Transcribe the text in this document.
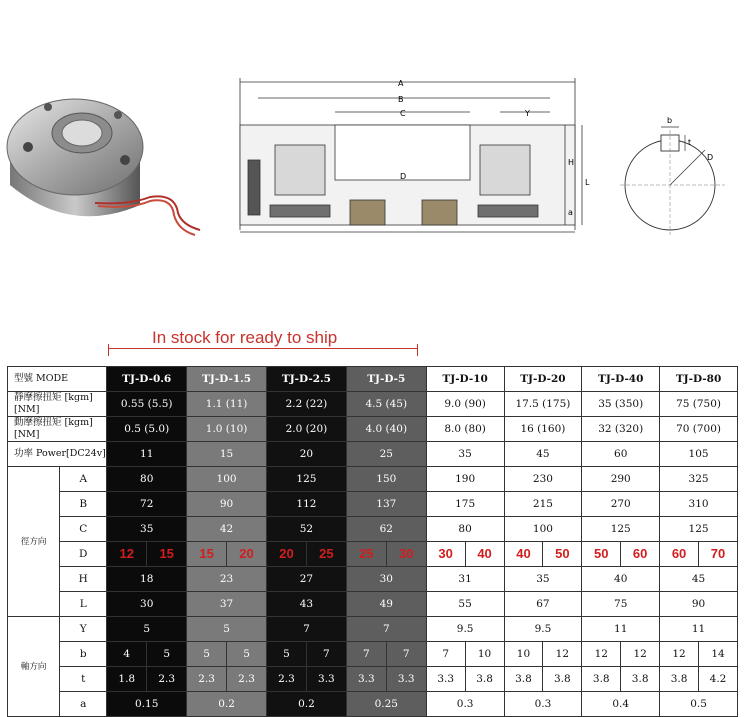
A
B
C
D
Y
H
L
a
b
t
D
In stock for ready to ship
型號 MODE		TJ-D-0.6		TJ-D-1.5		TJ-D-2.5		TJ-D-5		TJ-D-10		TJ-D-20		TJ-D-40		TJ-D-80	
靜摩擦扭矩 [kgm] [NM]		0.55 (5.5)		1.1 (11)		2.2 (22)		4.5 (45)		9.0 (90)		17.5 (175)		35 (350)		75 (750)	
動摩擦扭矩 [kgm] [NM]		0.5 (5.0)		1.0 (10)		2.0 (20)		4.0 (40)		8.0 (80)		16 (160)		32 (320)		70 (700)	
功率 Power[DC24v]		11		15		20		25		35		45		60		105	
徑方向	A	80		100		125		150		190		230		290		325	
	B	72		90		112		137		175		215		270		310	
	C	35		42		52		62		80		100		125		125	
	D	12	15	15	20	20	25	25	30	30	40	40	50	50	60	60	70
	H	18		23		27		30		31		35		40		45	
	L	30		37		43		49		55		67		75		90	
軸方向	Y	5		5		7		7		9.5		9.5		11		11	
	b	4	5	5	5	5	7	7	7	7	10	10	12	12	12	12	14
	t	1.8	2.3	2.3	2.3	2.3	3.3	3.3	3.3	3.3	3.8	3.8	3.8	3.8	3.8	3.8	4.2
	a	0.15		0.2		0.2		0.25		0.3		0.3		0.4		0.5	
